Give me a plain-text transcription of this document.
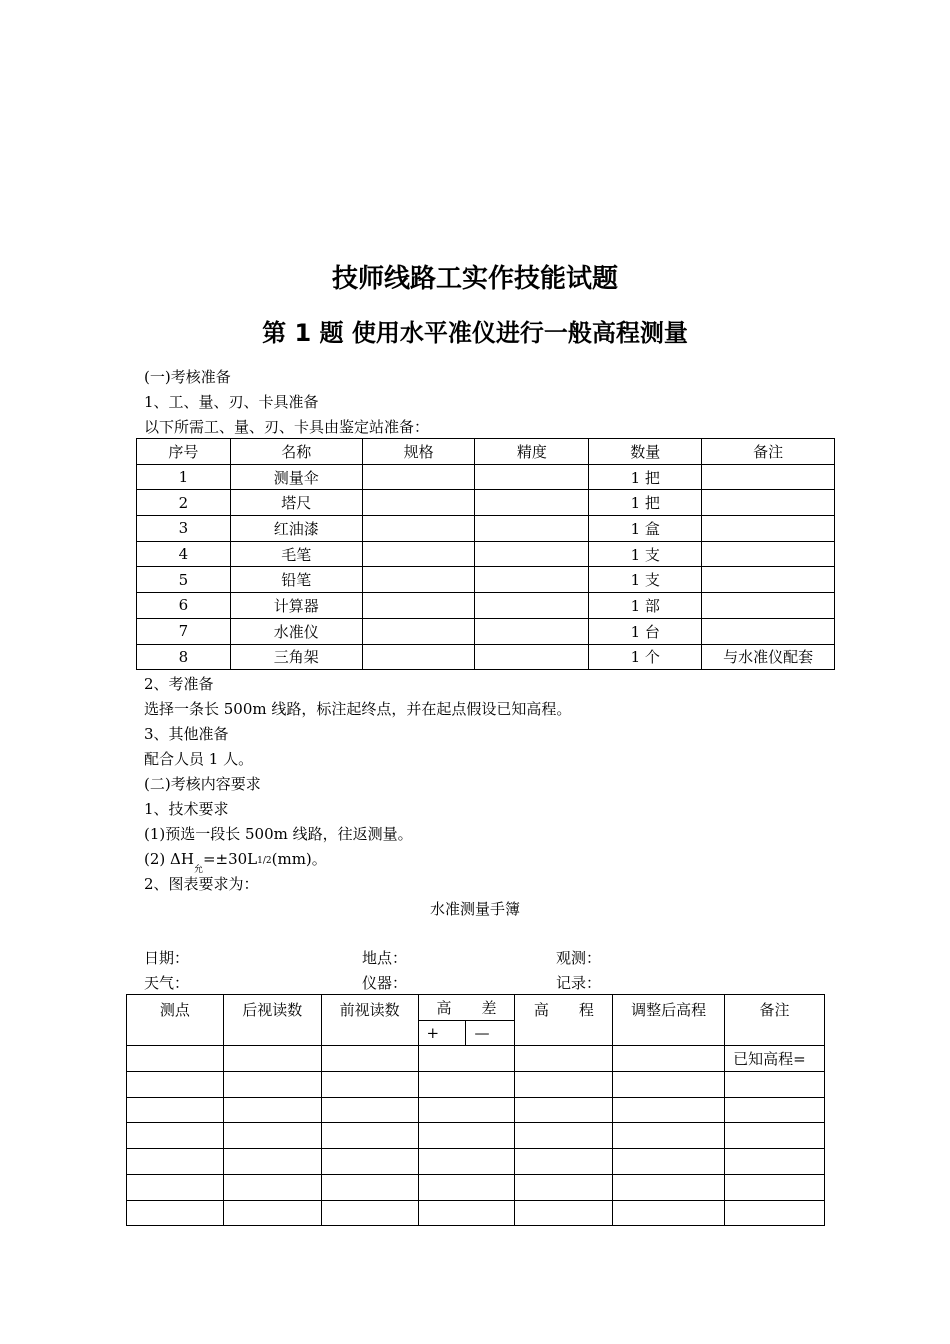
技师线路工实作技能试题
第 1 题 使用水平准仪进行一般高程测量
(一)考核准备
1、工、量、刃、卡具准备
以下所需工、量、刃、卡具由鉴定站准备：
序号	名称	规格	精度	数量	备注
1	测量伞			1 把	
2	塔尺			1 把	
3	红油漆			1 盒	
4	毛笔			1 支	
5	铅笔			1 支	
6	计算器			1 部	
7	水准仪			1 台	
8	三角架			1 个	与水准仪配套
2、考准备
选择一条长 500m 线路，标注起终点，并在起点假设已知高程。
3、其他准备
配合人员 1 人。
(二)考核内容要求
1、技术要求
(1)预选一段长 500m 线路，往返测量。
(2) $\Delta H_允=\pm 30L1/2(mm)$。
2、图表要求为：
水准测量手簿
日期：	地点：	观测：
天气：	仪器：	记录：
测点	后视读数	前视读数	高　　差		高　　程	调整后高程	备注
			+	—			
							已知高程=
